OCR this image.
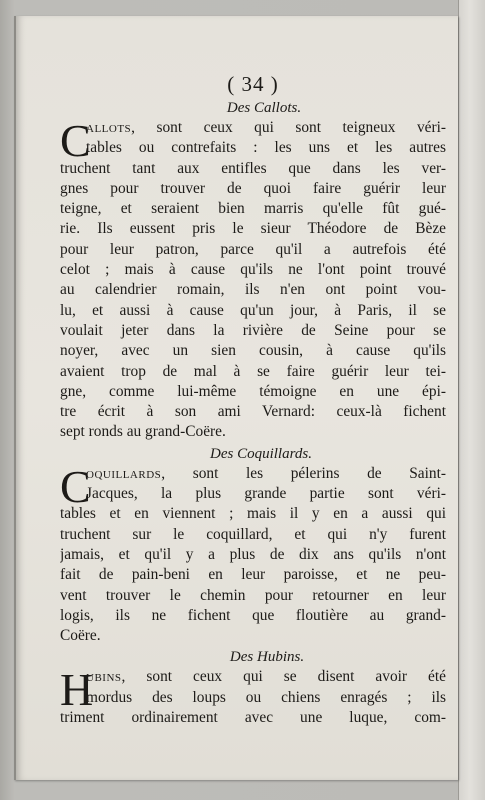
( 34 )
Des Callots.
C
allots, sont ceux qui sont teigneux véri-
tables ou contrefaits : les uns et les autres
truchent tant aux entifles que dans les ver-
gnes pour trouver de quoi faire guérir leur
teigne, et seraient bien marris qu'elle fût gué-
rie. Ils eussent pris le sieur Théodore de Bèze
pour leur patron, parce qu'il a autrefois été
celot ; mais à cause qu'ils ne l'ont point trouvé
au calendrier romain, ils n'en ont point vou-
lu, et aussi à cause qu'un jour, à Paris, il se
voulait jeter dans la rivière de Seine pour se
noyer, avec un sien cousin, à cause qu'ils
avaient trop de mal à se faire guérir leur tei-
gne, comme lui-même témoigne en une épi-
tre écrit à son ami Vernard: ceux-là fichent
sept ronds au grand-Coëre.
Des Coquillards.
C
oquillards, sont les pélerins de Saint-
Jacques, la plus grande partie sont véri-
tables et en viennent ; mais il y en a aussi qui
truchent sur le coquillard, et qui n'y furent
jamais, et qu'il y a plus de dix ans qu'ils n'ont
fait de pain-beni en leur paroisse, et ne peu-
vent trouver le chemin pour retourner en leur
logis, ils ne fichent que floutière au grand-
Coëre.
Des Hubins.
H
ubins, sont ceux qui se disent avoir été
mordus des loups ou chiens enragés ; ils
triment ordinairement avec une luque, com-
